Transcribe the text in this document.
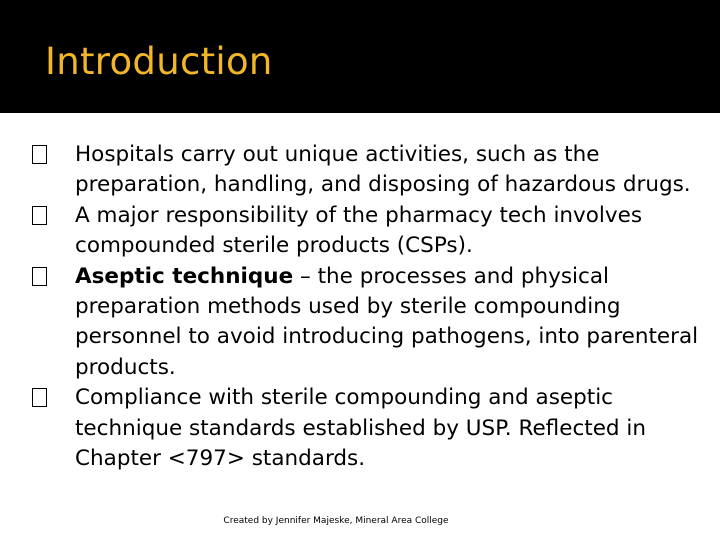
Introduction
Hospitals carry out unique activities, such as the preparation, handling, and disposing of hazardous drugs.
A major responsibility of the pharmacy tech involves compounded sterile products (CSPs).
Aseptic technique – the processes and physical preparation methods used by sterile compounding personnel to avoid introducing pathogens, into parenteral products.
Compliance with sterile compounding and aseptic technique standards established by USP. Reflected in Chapter <797> standards.
Created by Jennifer Majeske, Mineral Area College
